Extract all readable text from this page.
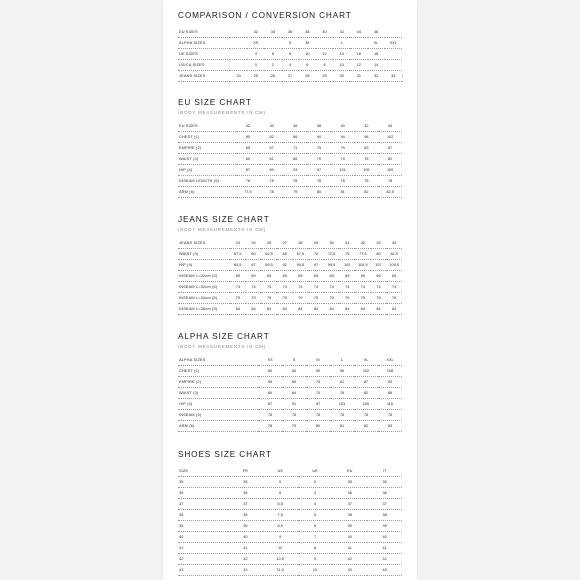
COMPARISON / CONVERSION CHART
EU SIZES		32	34	36	38	40	42	44	46		
ALPHA SIZES		XS		S	M		L		XL	XXL	
UK SIZES		4	6	8	10	12	14	16	18		
US/CA SIZES		0	2	4	6	8	10	12	14		
JEANS SIZES	24	25	26	27	28	29	30	31	32	33	
EU SIZE CHART
(BODY MEASUREMENTS IN CM)
EU SIZES	32	34	36	38	40	42	44
CHEST (1)	80	82	86	90	94	98	102
EMPIRE (2)	65	67	71	75	79	83	87
WAIST (3)	60	62	66	70	74	78	82
HIP (4)	87	89	93	97	101	105	109
INSEAM LENGTH (5)	78	78	78	78	78	78	78
ARM (6)	77,5	78	79	80	81	82	82,5
JEANS SIZE CHART
(BODY MEASUREMENTS IN CM)
JEANS SIZES	24	25	26	27	28	29	30	31	32	33	34
WAIST (3)	57,5	60	62,5	65	67,5	70	72,5	75	77,5	80	82,5
HIP (4)	84,5	87	89,5	92	94,5	97	99,5	102	104,5	107	109,5
INSEAM L=32cm (5)	69	69	69	69	69	69	69	69	69	69	69
INSEAM L=32cm (5)	74	74	74	74	74	74	74	74	74	74	74
INSEAM L=34cm (5)	79	79	79	79	79	79	79	79	79	79	79
INSEAM L=36cm (5)	84	84	84	84	84	84	84	84	84	84	84
ALPHA SIZE CHART
(BODY MEASUREMENTS IN CM)
ALPHA SIZES	XS	S	M	L	XL	XXL
CHEST (1)	80	84	90	96	102	108
EMPIRE (2)	65	69	75	81	87	93
WAIST (3)	60	64	70	76	82	88
HIP (4)	87	91	97	103	109	115
INSEAM (5)	78	78	78	78	78	78
ARM (6)	78	79	80	81	82	83
SHOES SIZE CHART
SIZE	FR	US	UK	EU	IT
35	35	5	2	35	35
36	36	6	3	36	36
37	37	6,5	4	37	37
38	38	7,5	5	38	38
39	39	8,5	6	39	39
40	40	9	7	40	40
41	41	10	8	41	41
42	42	10,5	9	42	42
43	43	11,5	10	43	43
